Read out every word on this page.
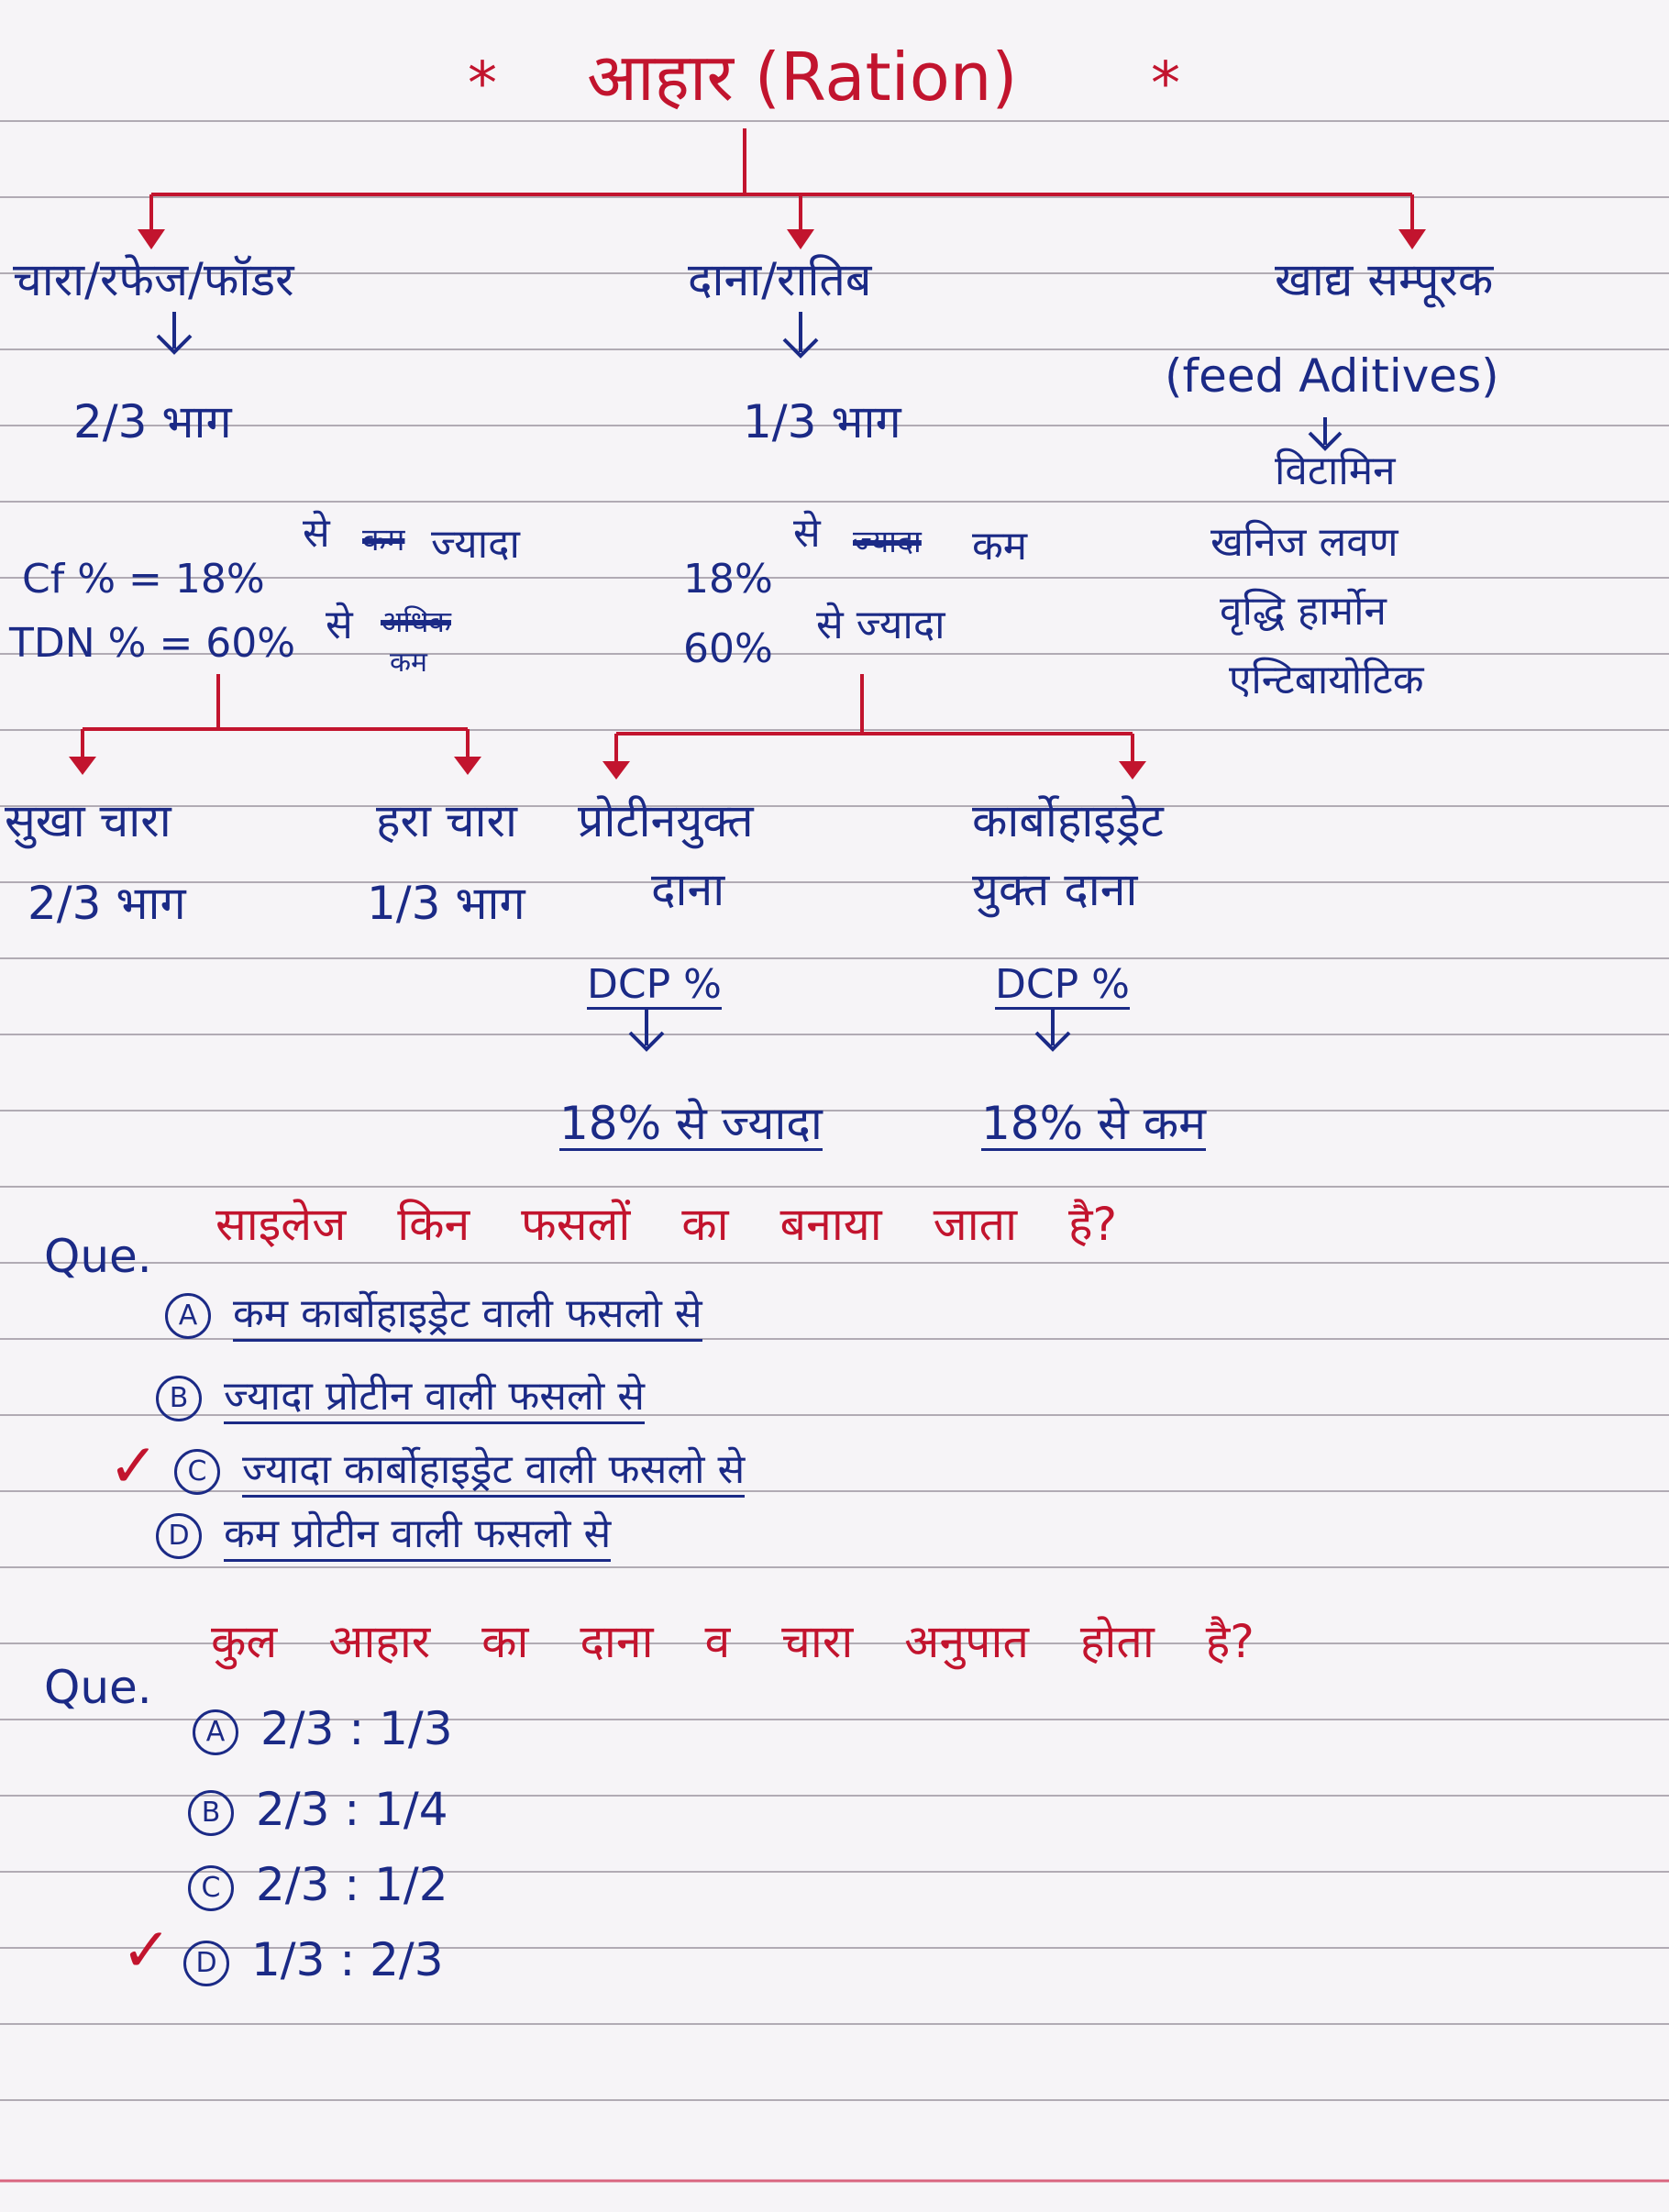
* आहार (Ration) *
चारा/रफेज/फॉडर	दाना/रातिब	खाद्य सम्पूरक
2/3 भाग	1/3 भाग
(feed Aditives)
विटामिन
खनिज लवण
वृद्धि हार्मोन
एन्टिबायोटिक
Cf % = 18%
से कम ज्यादा
TDN % = 60% से अधिक
कम
18%
से ज्यादा कम
60%
से ज्यादा
सुखा चारा
2/3 भाग
हरा चारा
1/3 भाग
प्रोटीनयुक्त
दाना
DCP %
18% से ज्यादा
कार्बोहाइड्रेट
युक्त दाना
DCP %
18% से कम
Que.
साइलेज किन फसलों का बनाया जाता है?
A कम कार्बोहाइड्रेट वाली फसलो से
B ज्यादा प्रोटीन वाली फसलो से
✓	C ज्यादा कार्बोहाइड्रेट वाली फसलो से
D कम प्रोटीन वाली फसलो से
Que.
कुल आहार का दाना व चारा अनुपात होता है?
A 2/3 : 1/3
B 2/3 : 1/4
C 2/3 : 1/2
✓ D 1/3 : 2/3
